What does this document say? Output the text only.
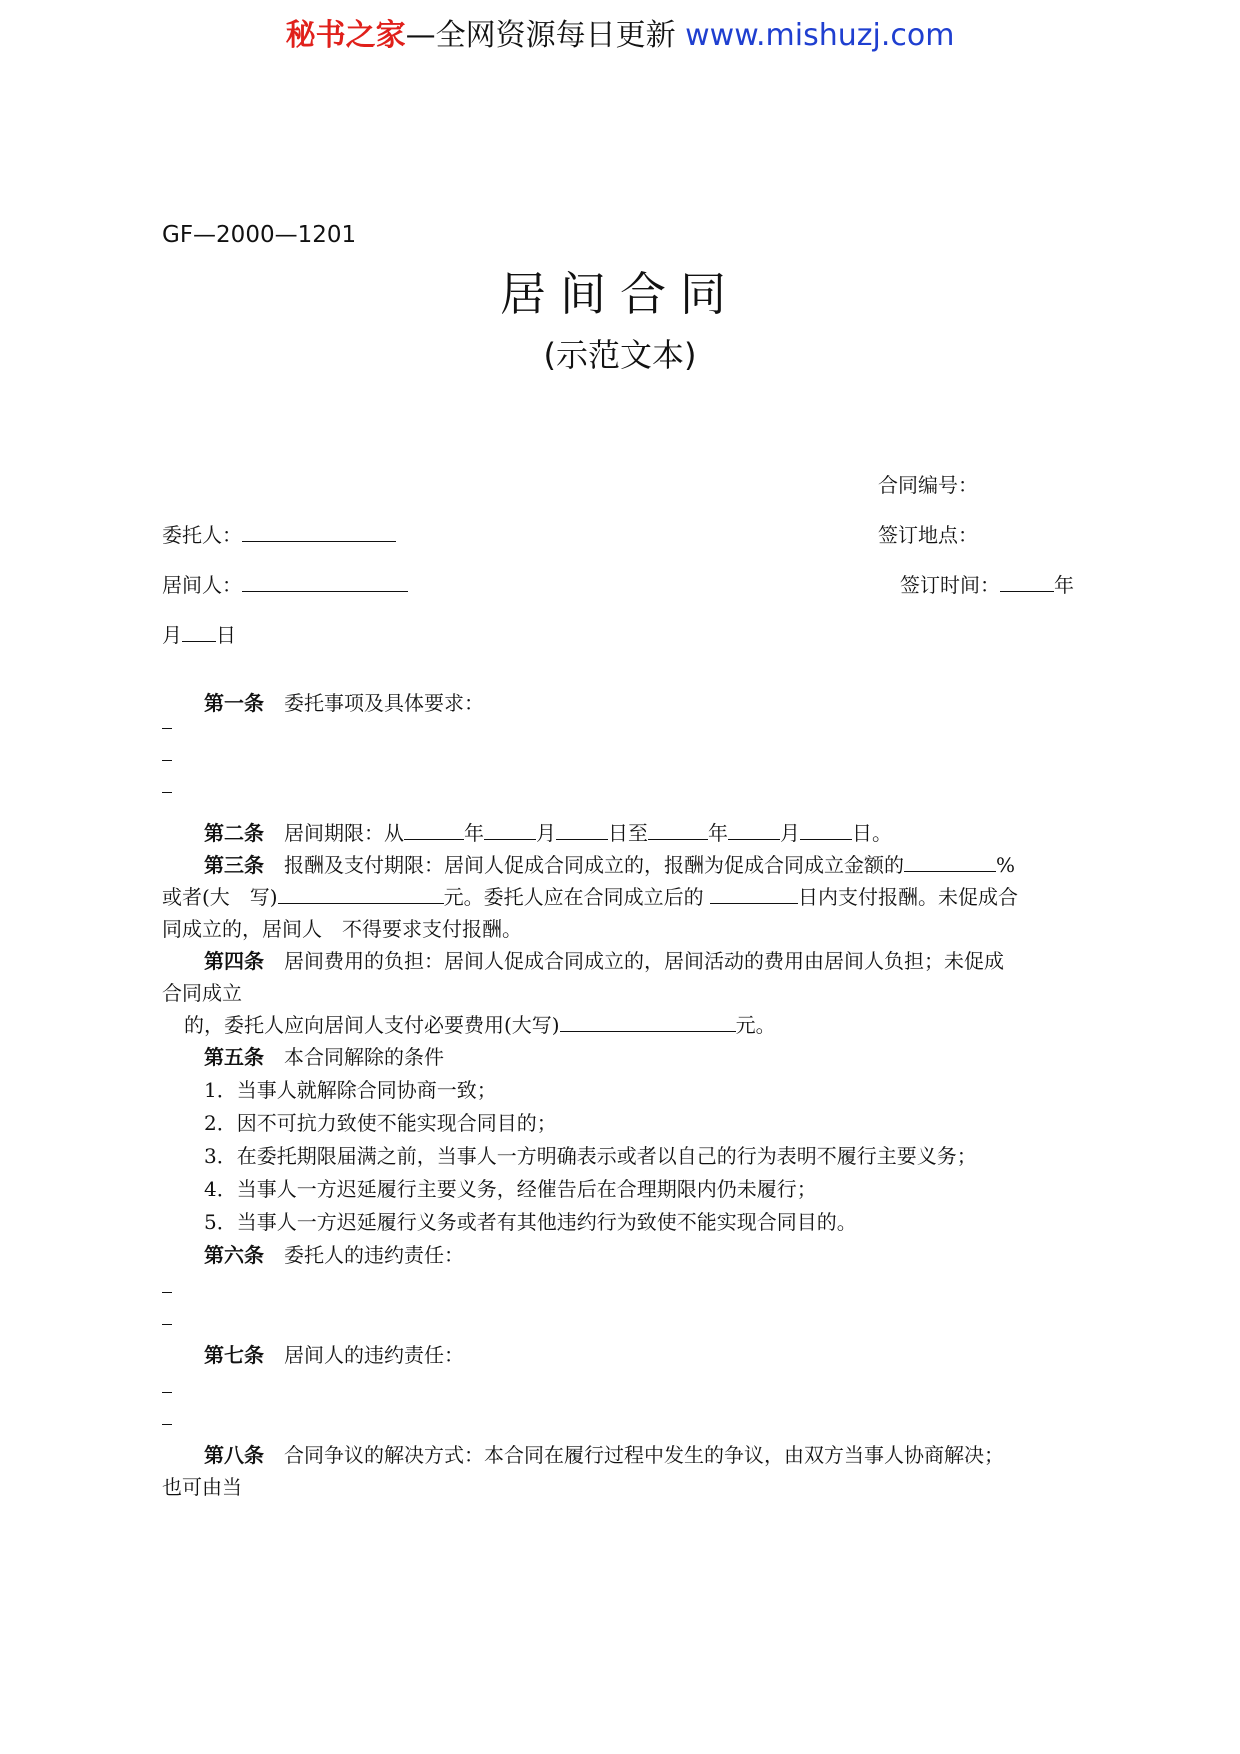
秘书之家—全网资源每日更新 www.mishuzj.com
GF—2000—1201
居间合同
(示范文本)
合同编号：
委托人：	签订地点：
居间人：	签订时间：	年
月 日
第一条　 委托事项及具体要求：
第二条　 居间期限：从	年	月	日至	年	月	日。
第三条　 报酬及支付期限：居间人促成合同成立的，报酬为促成合同成立金额的	%
或者(大　写)	元。委托人应在合同成立后的	日内支付报酬。未促成合
同成立的，居间人　不得要求支付报酬。
第四条　 居间费用的负担：居间人促成合同成立的，居间活动的费用由居间人负担；未促成
合同成立
的，委托人应向居间人支付必要费用(大写)	元。
第五条　 本合同解除的条件
1．当事人就解除合同协商一致；
2．因不可抗力致使不能实现合同目的；
3．在委托期限届满之前，当事人一方明确表示或者以自己的行为表明不履行主要义务；
4．当事人一方迟延履行主要义务，经催告后在合理期限内仍未履行；
5．当事人一方迟延履行义务或者有其他违约行为致使不能实现合同目的。
第六条　 委托人的违约责任：
第七条　 居间人的违约责任：
第八条　 合同争议的解决方式：本合同在履行过程中发生的争议，由双方当事人协商解决；
也可由当
